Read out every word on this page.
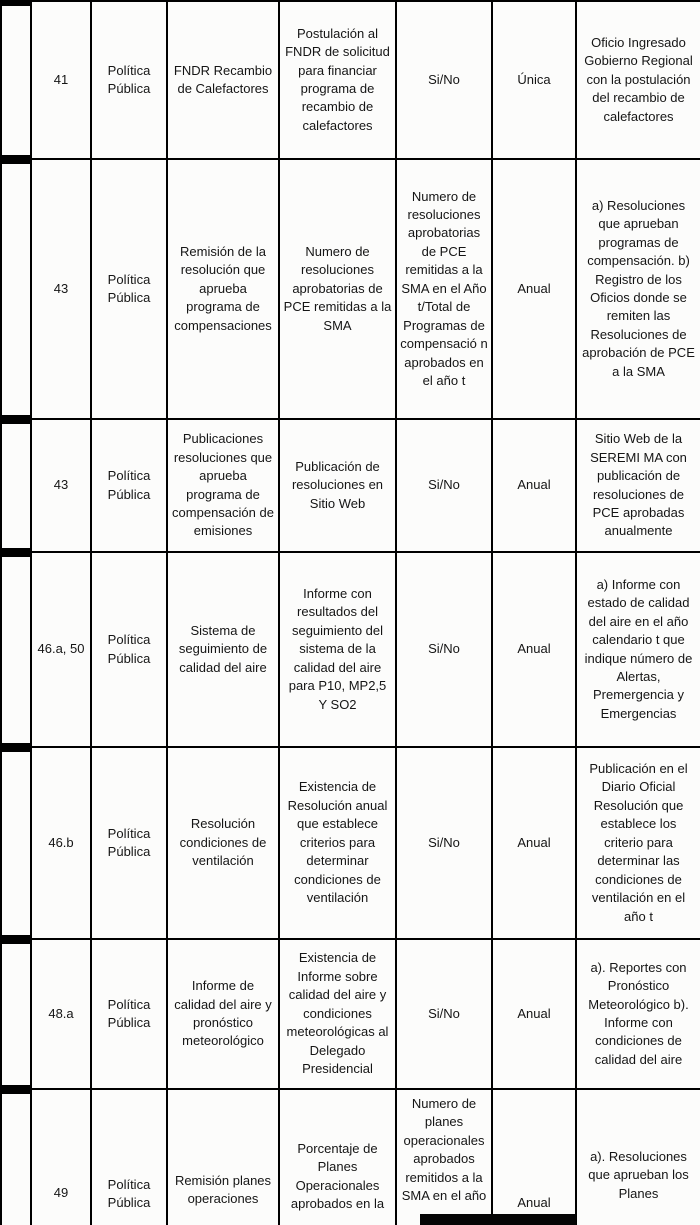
	41	Política Pública	FNDR Recambio de Calefactores	Postulación al FNDR de solicitud para financiar programa de recambio de calefactores	Si/No	Única	Oficio Ingresado Gobierno Regional con la postulación del recambio de calefactores

	43	Política Pública	Remisión de la resolución que aprueba programa de compensaciones	Numero de resoluciones aprobatorias de PCE remitidas a la SMA	Numero de resoluciones aprobatorias de PCE remitidas a la SMA en el Año t/Total de Programas de compensació n aprobados en el año t	Anual	a) Resoluciones que aprueban programas de compensación. b) Registro de los Oficios donde se remiten las Resoluciones de aprobación de PCE a la SMA

	43	Política Pública	Publicaciones resoluciones que aprueba programa de compensación de emisiones	Publicación de resoluciones en Sitio Web	Si/No	Anual	Sitio Web de la SEREMI MA con publicación de resoluciones de PCE aprobadas anualmente

	46.a, 50	Política Pública	Sistema de seguimiento de calidad del aire	Informe con resultados del seguimiento del sistema de la calidad del aire para P10, MP2,5 Y SO2	Si/No	Anual	a) Informe con estado de calidad del aire en el año calendario t que indique número de Alertas, Premergencia y Emergencias

	46.b	Política Pública	Resolución condiciones de ventilación	Existencia de Resolución anual que establece criterios para determinar condiciones de ventilación	Si/No	Anual	Publicación en el Diario Oficial Resolución que establece los criterio para determinar las condiciones de ventilación en el año t

	48.a	Política Pública	Informe de calidad del aire y pronóstico meteorológico	Existencia de Informe sobre calidad del aire y condiciones meteorológicas al Delegado Presidencial	Si/No	Anual	a). Reportes con Pronóstico Meteorológico b). Informe con condiciones de calidad del aire

	49	Política Pública	Remisión planes operaciones	Porcentaje de Planes Operacionales aprobados en la	Numero de planes operacionales aprobados remitidos a la SMA en el año	Anual	a). Resoluciones que aprueban los Planes
